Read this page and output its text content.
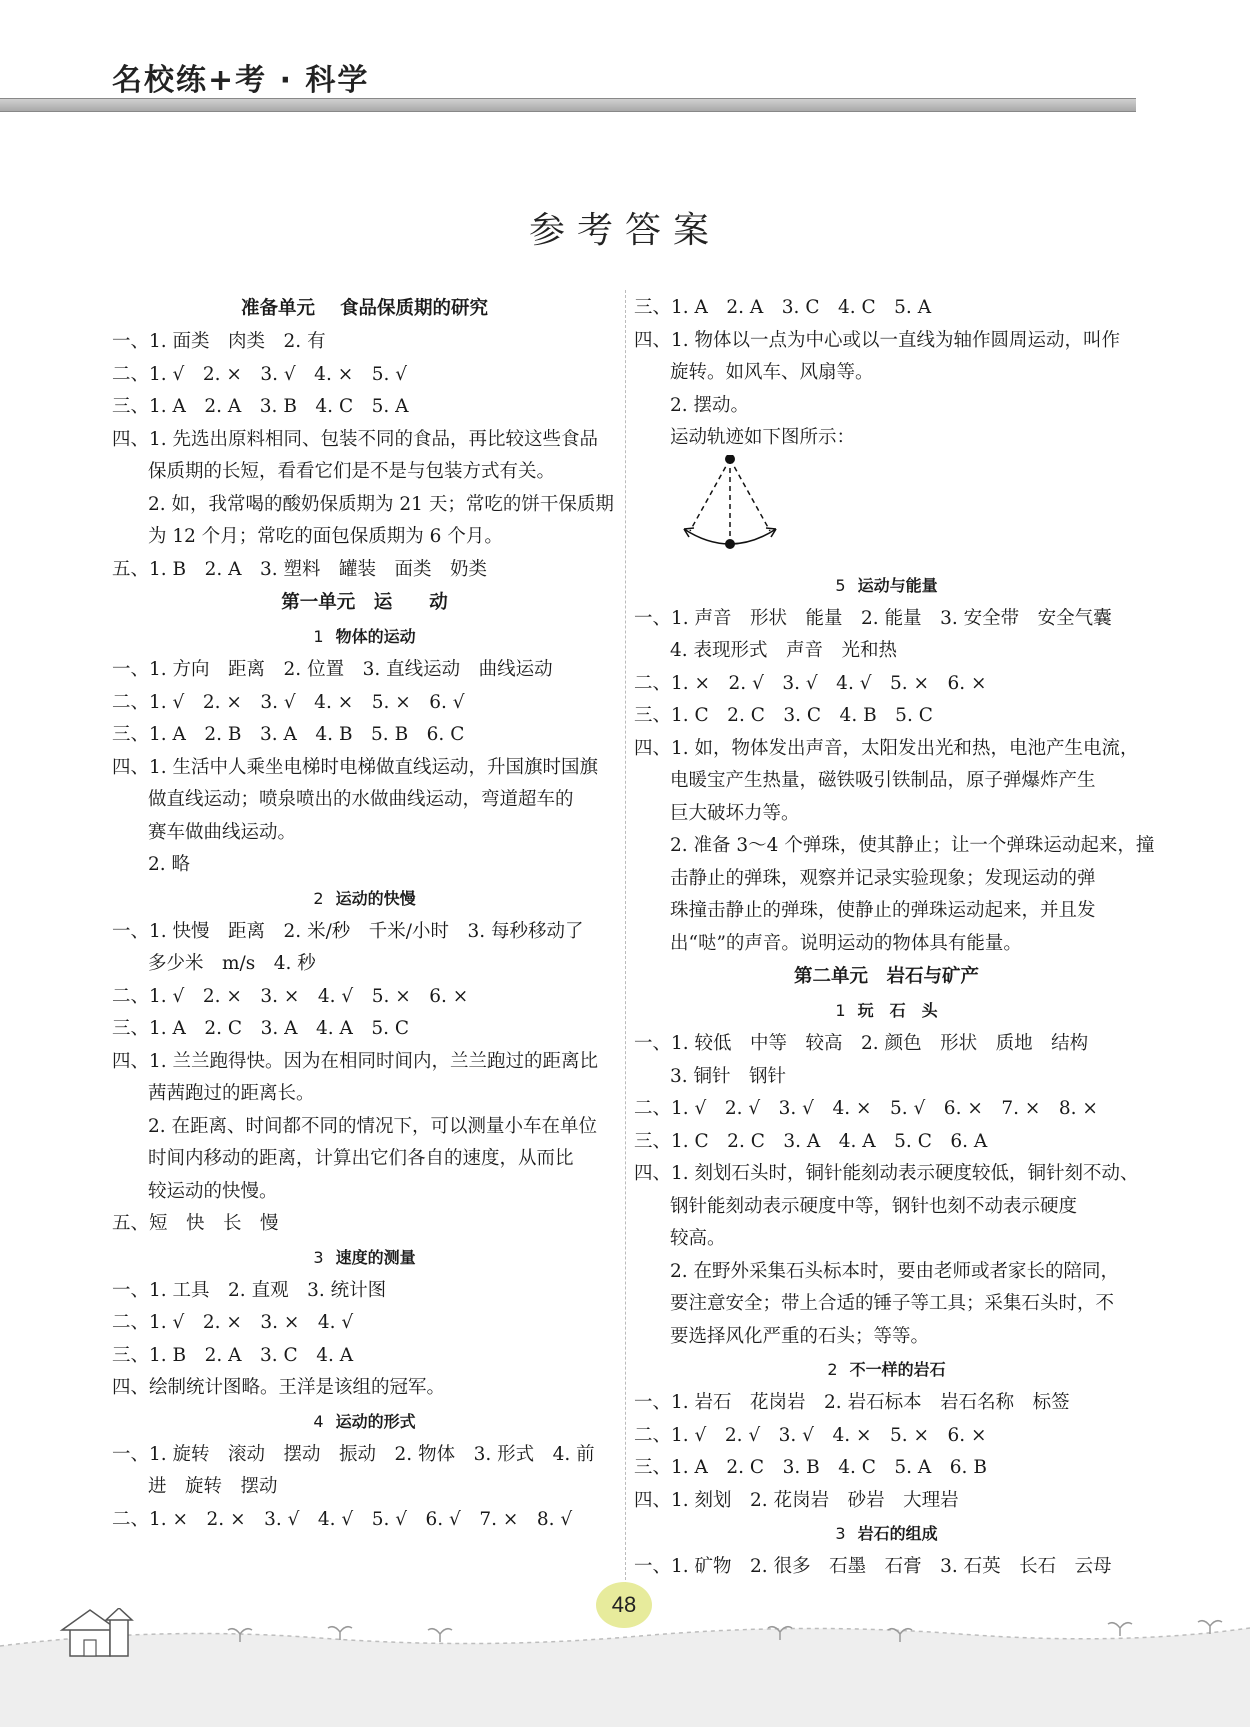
名校练+考 · 科学
参考答案
准备单元　 食品保质期的研究
一、1. 面类　肉类　2. 有
二、1. √　2. ×　3. √　4. ×　5. √
三、1. A　2. A　3. B　4. C　5. A
四、1. 先选出原料相同、包装不同的食品，再比较这些食品
保质期的长短，看看它们是不是与包装方式有关。
2. 如，我常喝的酸奶保质期为 21 天；常吃的饼干保质期
为 12 个月；常吃的面包保质期为 6 个月。
五、1. B　2. A　3. 塑料　罐装　面类　奶类
第一单元　运　　动
1 物体的运动
一、1. 方向　距离　2. 位置　3. 直线运动　曲线运动
二、1. √　2. ×　3. √　4. ×　5. ×　6. √
三、1. A　2. B　3. A　4. B　5. B　6. C
四、1. 生活中人乘坐电梯时电梯做直线运动，升国旗时国旗
做直线运动；喷泉喷出的水做曲线运动，弯道超车的
赛车做曲线运动。
2. 略
2 运动的快慢
一、1. 快慢　距离　2. 米/秒　千米/小时　3. 每秒移动了
多少米　m/s　4. 秒
二、1. √　2. ×　3. ×　4. √　5. ×　6. ×
三、1. A　2. C　3. A　4. A　5. C
四、1. 兰兰跑得快。因为在相同时间内，兰兰跑过的距离比
茜茜跑过的距离长。
2. 在距离、时间都不同的情况下，可以测量小车在单位
时间内移动的距离，计算出它们各自的速度，从而比
较运动的快慢。
五、短　快　长　慢
3 速度的测量
一、1. 工具　2. 直观　3. 统计图
二、1. √　2. ×　3. ×　4. √
三、1. B　2. A　3. C　4. A
四、绘制统计图略。王洋是该组的冠军。
4 运动的形式
一、1. 旋转　滚动　摆动　振动　2. 物体　3. 形式　4. 前
进　旋转　摆动
二、1. ×　2. ×　3. √　4. √　5. √　6. √　7. ×　8. √
三、1. A　2. A　3. C　4. C　5. A
四、1. 物体以一点为中心或以一直线为轴作圆周运动，叫作
旋转。如风车、风扇等。
2. 摆动。
运动轨迹如下图所示：
5 运动与能量
一、1. 声音　形状　能量　2. 能量　3. 安全带　安全气囊
4. 表现形式　声音　光和热
二、1. ×　2. √　3. √　4. √　5. ×　6. ×
三、1. C　2. C　3. C　4. B　5. C
四、1. 如，物体发出声音，太阳发出光和热，电池产生电流，
电暖宝产生热量，磁铁吸引铁制品，原子弹爆炸产生
巨大破坏力等。
2. 准备 3～4 个弹珠，使其静止；让一个弹珠运动起来，撞
击静止的弹珠，观察并记录实验现象；发现运动的弹
珠撞击静止的弹珠，使静止的弹珠运动起来，并且发
出“哒”的声音。说明运动的物体具有能量。
第二单元　岩石与矿产
1 玩　石　头
一、1. 较低　中等　较高　2. 颜色　形状　质地　结构
3. 铜针　钢针
二、1. √　2. √　3. √　4. ×　5. √　6. ×　7. ×　8. ×
三、1. C　2. C　3. A　4. A　5. C　6. A
四、1. 刻划石头时，铜针能刻动表示硬度较低，铜针刻不动、
钢针能刻动表示硬度中等，钢针也刻不动表示硬度
较高。
2. 在野外采集石头标本时，要由老师或者家长的陪同，
要注意安全；带上合适的锤子等工具；采集石头时，不
要选择风化严重的石头；等等。
2 不一样的岩石
一、1. 岩石　花岗岩　2. 岩石标本　岩石名称　标签
二、1. √　2. √　3. √　4. ×　5. ×　6. ×
三、1. A　2. C　3. B　4. C　5. A　6. B
四、1. 刻划　2. 花岗岩　砂岩　大理岩
3 岩石的组成
一、1. 矿物　2. 很多　石墨　石膏　3. 石英　长石　云母
48
